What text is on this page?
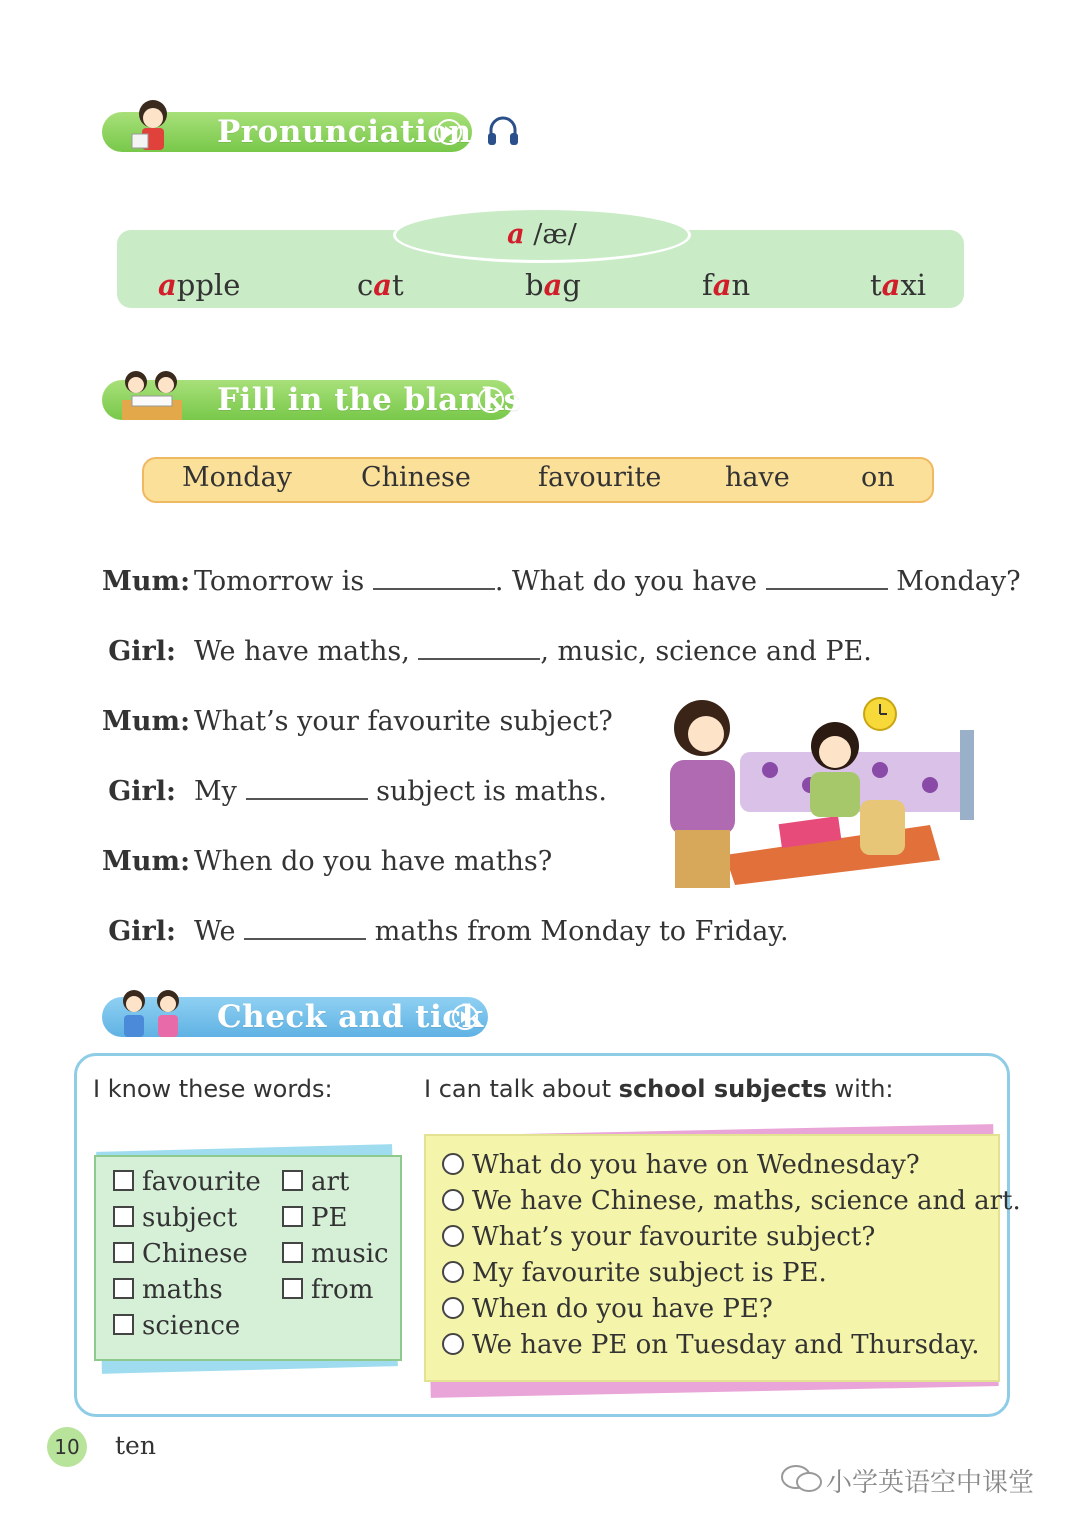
Pronunciation
a /æ/
apple	cat	bag	fan	taxi
Fill in the blanks
Monday	Chinese favourite have	on
Mum: Tomorrow is	. What do you have	Monday?
Girl: We have maths,	, music, science and PE.
Mum: What’s your favourite subject?
Girl: My	subject is maths.
Mum: When do you have maths?
Girl: We	maths from Monday to Friday.
Check and tick
I know these words:	I can talk about school subjects with:
favourite
subject
Chinese
maths
science
art
PE
music
from
What do you have on Wednesday?
We have Chinese, maths, science and art.
What’s your favourite subject?
My favourite subject is PE.
When do you have PE?
We have PE on Tuesday and Thursday.
10 ten
小学英语空中课堂
